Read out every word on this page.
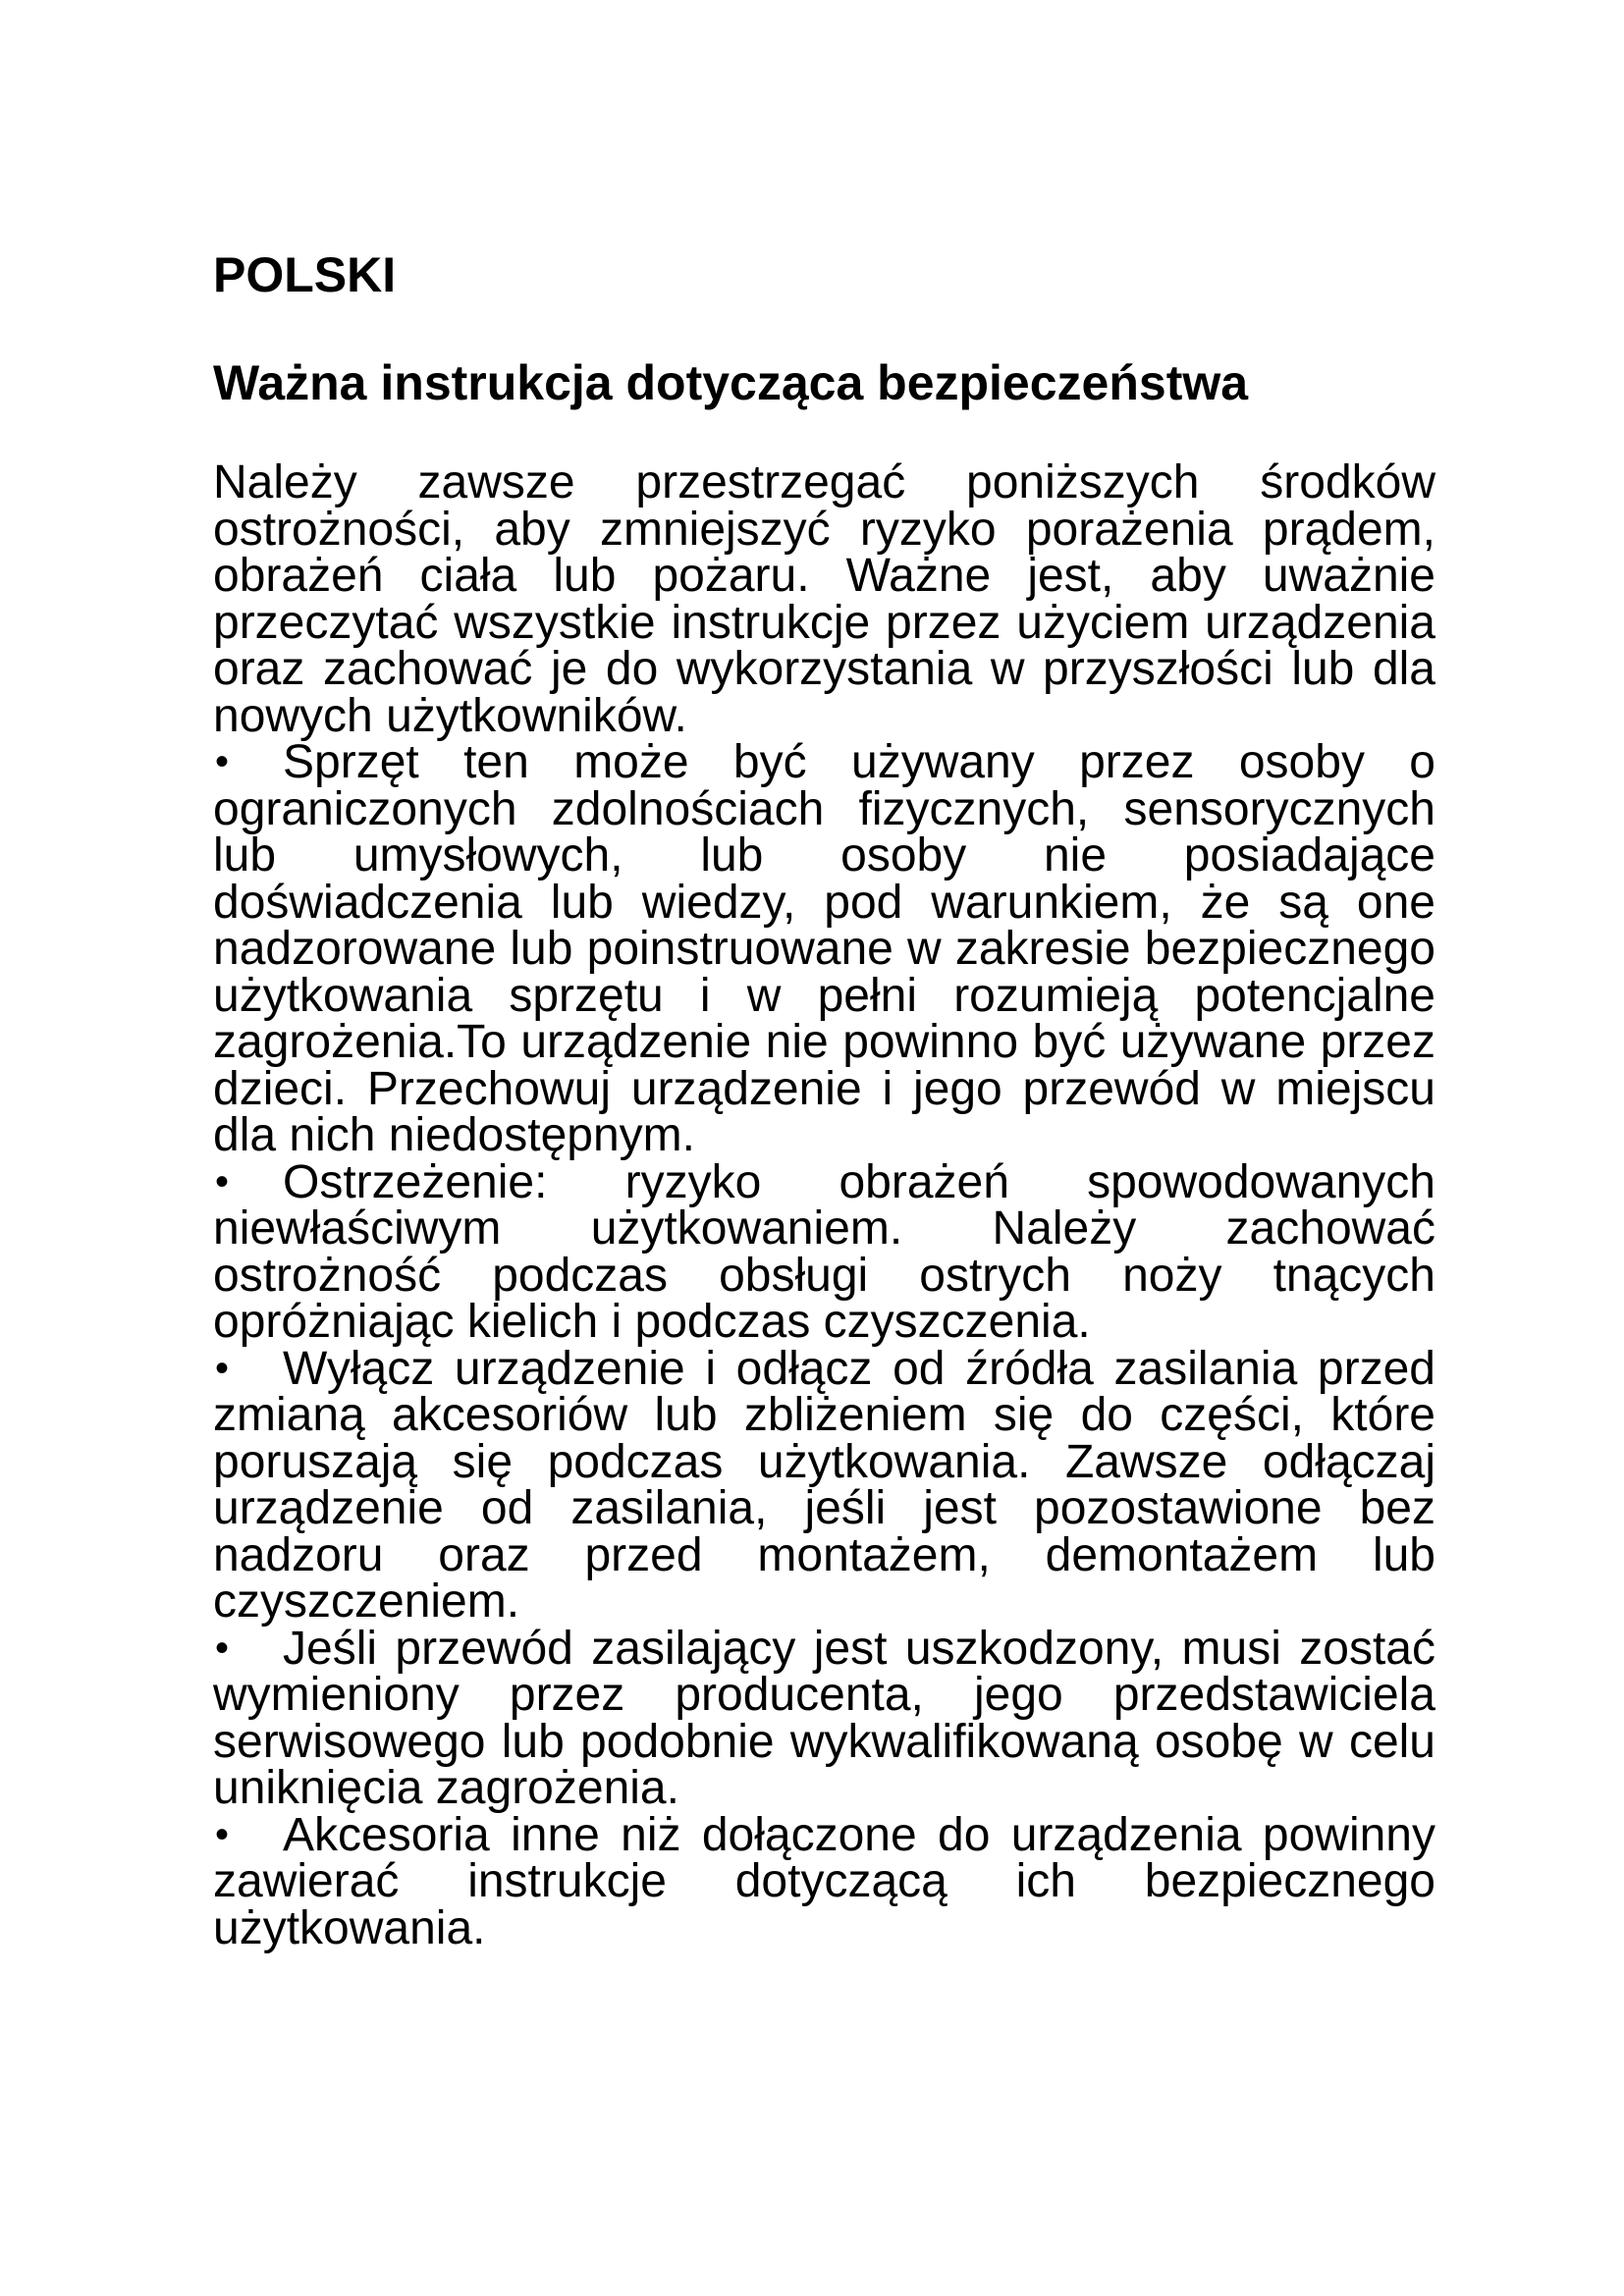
POLSKI
Ważna instrukcja dotycząca bezpieczeństwa

Należy zawsze przestrzegać poniższych środków ostrożności, aby zmniejszyć ryzyko porażenia prądem, obrażeń ciała lub pożaru. Ważne jest, aby uważnie przeczytać wszystkie instrukcje przez użyciem urządzenia oraz zachować je do wykorzystania w przyszłości lub dla nowych użytkowników.

• Sprzęt ten może być używany przez osoby o ograniczonych zdolnościach fizycznych, sensorycznych lub umysłowych, lub osoby nie posiadające doświadczenia lub wiedzy, pod warunkiem, że są one nadzorowane lub poinstruowane w zakresie bezpiecznego użytkowania sprzętu i w pełni rozumieją potencjalne zagrożenia.To urządzenie nie powinno być używane przez dzieci. Przechowuj urządzenie i jego przewód w miejscu dla nich niedostępnym.
• Ostrzeżenie: ryzyko obrażeń spowodowanych niewłaściwym użytkowaniem. Należy zachować ostrożność podczas obsługi ostrych noży tnących opróżniając kielich i podczas czyszczenia.
• Wyłącz urządzenie i odłącz od źródła zasilania przed zmianą akcesoriów lub zbliżeniem się do części, które poruszają się podczas użytkowania. Zawsze odłączaj urządzenie od zasilania, jeśli jest pozostawione bez nadzoru oraz przed montażem, demontażem lub czyszczeniem.
• Jeśli przewód zasilający jest uszkodzony, musi zostać wymieniony przez producenta, jego przedstawiciela serwisowego lub podobnie wykwalifikowaną osobę w celu uniknięcia zagrożenia.
• Akcesoria inne niż dołączone do urządzenia powinny zawierać instrukcje dotyczącą ich bezpiecznego użytkowania.
